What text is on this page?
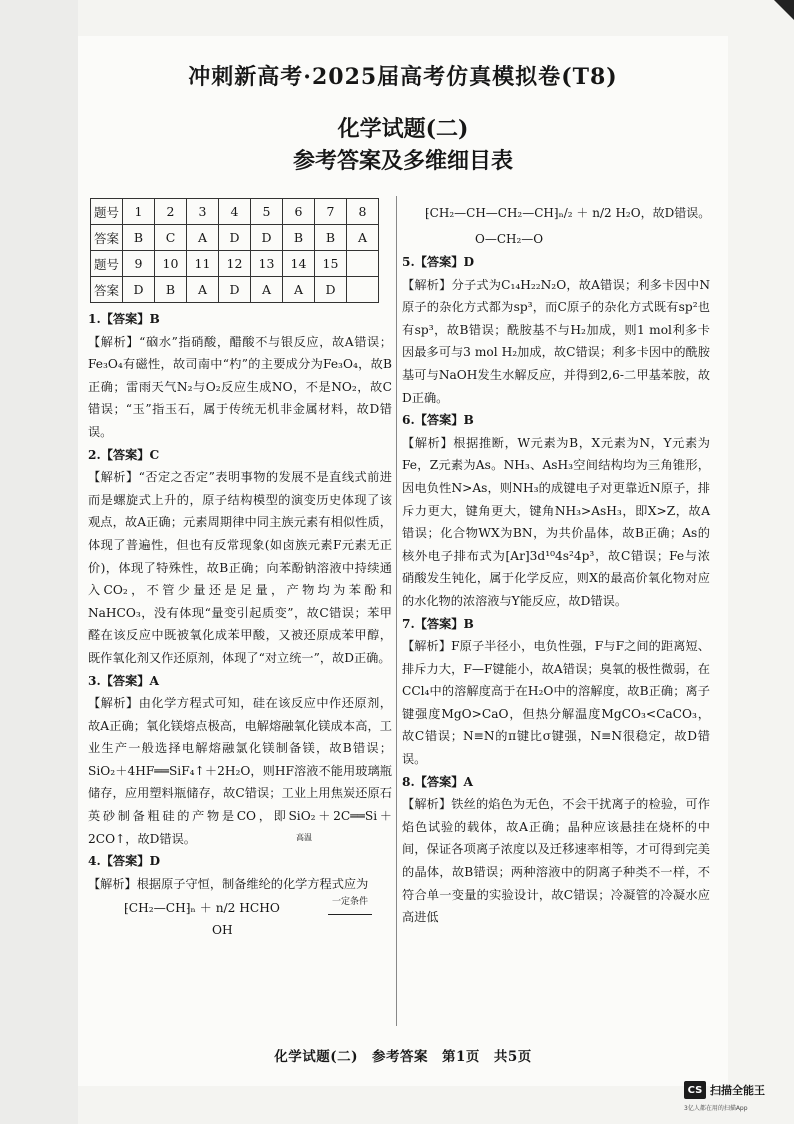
冲刺新高考·2025届高考仿真模拟卷(T8)
化学试题(二)
参考答案及多维细目表
题号	1	2	3	4	5	6	7	8
答案	B	C	A	D	D	B	B	A
题号	9	10	11	12	13	14	15	
答案	D	B	A	D	A	A	D	

1.【答案】B

【解析】“硇水”指硝酸，醋酸不与银反应，故A错误；Fe₃O₄有磁性，故司南中“杓”的主要成分为Fe₃O₄，故B正确；雷雨天气N₂与O₂反应生成NO，不是NO₂，故C错误；“玉”指玉石，属于传统无机非金属材料，故D错误。

2.【答案】C

【解析】“否定之否定”表明事物的发展不是直线式前进而是螺旋式上升的，原子结构模型的演变历史体现了该观点，故A正确；元素周期律中同主族元素有相似性质，体现了普遍性，但也有反常现象(如卤族元素F元素无正价)，体现了特殊性，故B正确；向苯酚钠溶液中持续通入CO₂，不管少量还是足量，产物均为苯酚和NaHCO₃，没有体现“量变引起质变”，故C错误；苯甲醛在该反应中既被氧化成苯甲酸，又被还原成苯甲醇，既作氧化剂又作还原剂，体现了“对立统一”，故D正确。

3.【答案】A

【解析】由化学方程式可知，硅在该反应中作还原剂，故A正确；氧化镁熔点极高，电解熔融氧化镁成本高，工业生产一般选择电解熔融氯化镁制备镁，故B错误；SiO₂＋4HF══SiF₄↑＋2H₂O，则HF溶液不能用玻璃瓶储存，应用塑料瓶储存，故C错误；工业上用焦炭还原石英砂制备粗硅的产物是CO，即SiO₂＋2C══Si＋2CO↑，故D错误。

4.【答案】D

【解析】根据原子守恒，制备维纶的化学方程式应为

⁅CH₂—CH⁆ₙ ＋ n/2 HCHO	一定条件
OH
⁅CH₂—CH—CH₂—CH⁆ₙ/₂ ＋ n/2 H₂O，故D错误。
O—CH₂—O

5.【答案】D

【解析】分子式为C₁₄H₂₂N₂O，故A错误；利多卡因中N原子的杂化方式都为sp³，而C原子的杂化方式既有sp²也有sp³，故B错误；酰胺基不与H₂加成，则1 mol利多卡因最多可与3 mol H₂加成，故C错误；利多卡因中的酰胺基可与NaOH发生水解反应，并得到2,6-二甲基苯胺，故D正确。

6.【答案】B

【解析】根据推断，W元素为B，X元素为N，Y元素为Fe，Z元素为As。NH₃、AsH₃空间结构均为三角锥形，因电负性N>As，则NH₃的成键电子对更靠近N原子，排斥力更大，键角更大，键角NH₃>AsH₃，即X>Z，故A错误；化合物WX为BN，为共价晶体，故B正确；As的核外电子排布式为[Ar]3d¹⁰4s²4p³，故C错误；Fe与浓硝酸发生钝化，属于化学反应，则X的最高价氧化物对应的水化物的浓溶液与Y能反应，故D错误。

7.【答案】B

【解析】F原子半径小，电负性强，F与F之间的距离短、排斥力大，F—F键能小，故A错误；臭氧的极性微弱，在CCl₄中的溶解度高于在H₂O中的溶解度，故B正确；离子键强度MgO>CaO，但热分解温度MgCO₃<CaCO₃，故C错误；N≡N的π键比σ键强，N≡N很稳定，故D错误。

8.【答案】A

【解析】铁丝的焰色为无色，不会干扰离子的检验，可作焰色试验的载体，故A正确；晶种应该悬挂在烧杯的中间，保证各项离子浓度以及迁移速率相等，才可得到完美的晶体，故B错误；两种溶液中的阴离子种类不一样，不符合单一变量的实验设计，故C错误；冷凝管的冷凝水应高进低

高温
化学试题(二)　参考答案　第1页　共5页
CS 扫描全能王
3亿人都在用的扫描App
